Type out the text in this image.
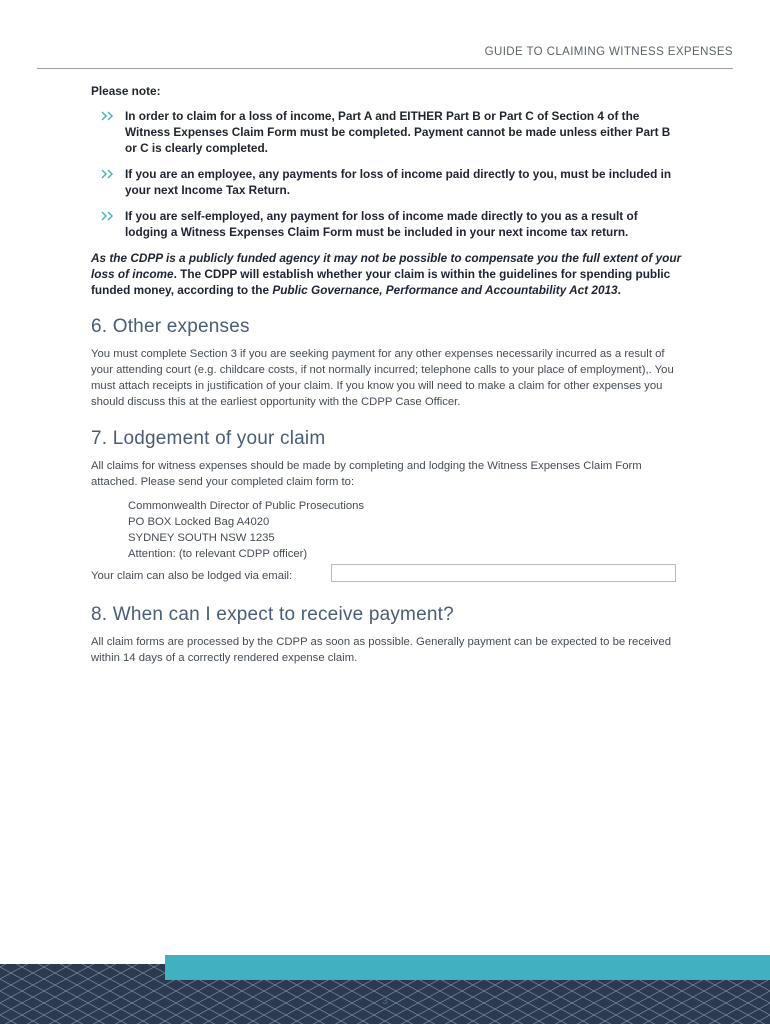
GUIDE TO CLAIMING WITNESS EXPENSES

Please note:

In order to claim for a loss of income, Part A and EITHER Part B or Part C of Section 4 of the Witness Expenses Claim Form must be completed. Payment cannot be made unless either Part B or C is clearly completed.
If you are an employee, any payments for loss of income paid directly to you, must be included in your next Income Tax Return.
If you are self-employed, any payment for loss of income made directly to you as a result of lodging a Witness Expenses Claim Form must be included in your next income tax return.

As the CDPP is a publicly funded agency it may not be possible to compensate you the full extent of your loss of income. The CDPP will establish whether your claim is within the guidelines for spending public funded money, according to the Public Governance, Performance and Accountability Act 2013.

6. Other expenses

You must complete Section 3 if you are seeking payment for any other expenses necessarily incurred as a result of your attending court (e.g. childcare costs, if not normally incurred; telephone calls to your place of employment),. You must attach receipts in justification of your claim. If you know you will need to make a claim for other expenses you should discuss this at the earliest opportunity with the CDPP Case Officer.

7. Lodgement of your claim

All claims for witness expenses should be made by completing and lodging the Witness Expenses Claim Form attached. Please send your completed claim form to:

Commonwealth Director of Public Prosecutions
PO BOX Locked Bag A4020
SYDNEY SOUTH NSW 1235
Attention: (to relevant CDPP officer)
Your claim can also be lodged via email:
8. When can I expect to receive payment?

All claim forms are processed by the CDPP as soon as possible. Generally payment can be expected to be received within 14 days of a correctly rendered expense claim.

3
